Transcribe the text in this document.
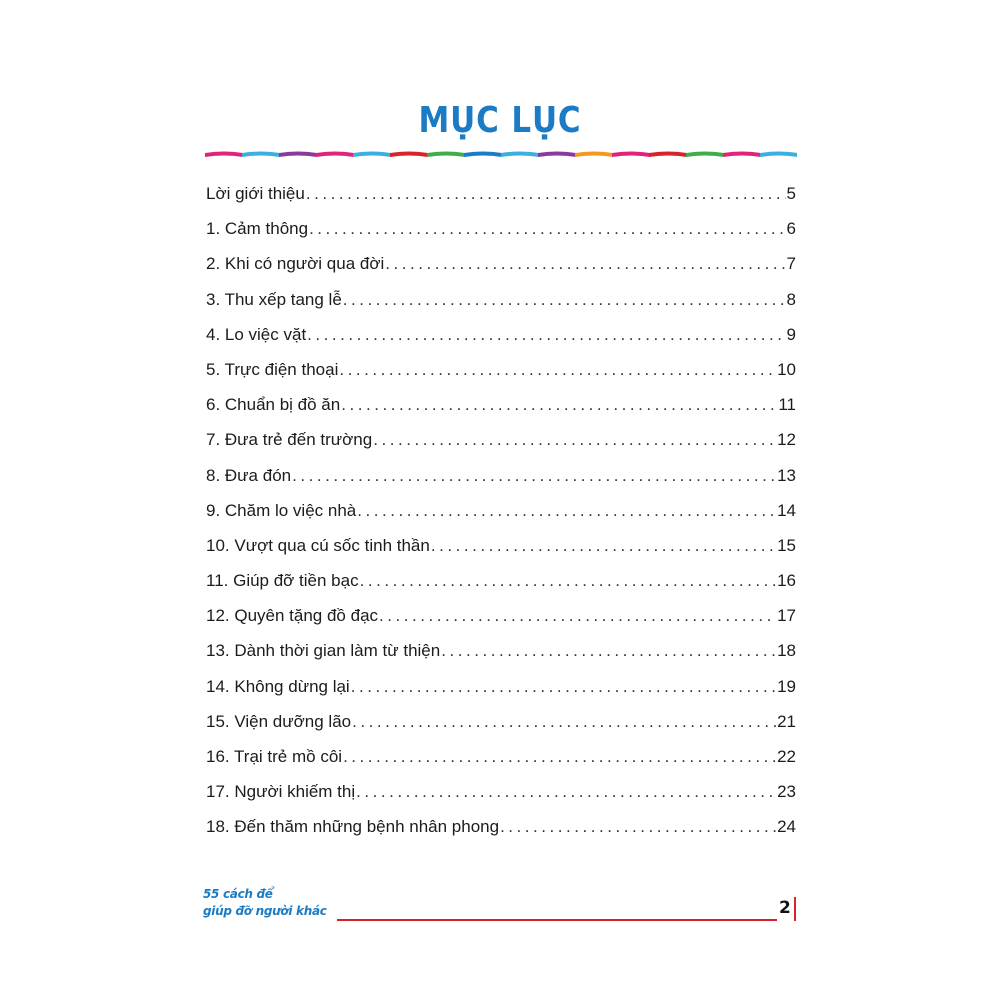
MỤC LỤC
Lời giới thiệu . . .	5
1. Cảm thông . . .	6
2. Khi có người qua đời . . .	7
3. Thu xếp tang lễ . . .	8
4. Lo việc vặt . . .	9
5. Trực điện thoại . . .	10
6. Chuẩn bị đồ ăn . . .	11
7. Đưa trẻ đến trường . . .	12
8. Đưa đón . . .	13
9. Chăm lo việc nhà . . .	14
10. Vượt qua cú sốc tinh thần . . .	15
11. Giúp đỡ tiền bạc . . .	16
12. Quyên tặng đồ đạc . . .	17
13. Dành thời gian làm từ thiện . . .	18
14. Không dừng lại . . .	19
15. Viện dưỡng lão . . .	21
16. Trại trẻ mồ côi . . .	22
17. Người khiếm thị . . .	23
18. Đến thăm những bệnh nhân phong . . .	24
55 cách để
giúp đỡ người khác	2
